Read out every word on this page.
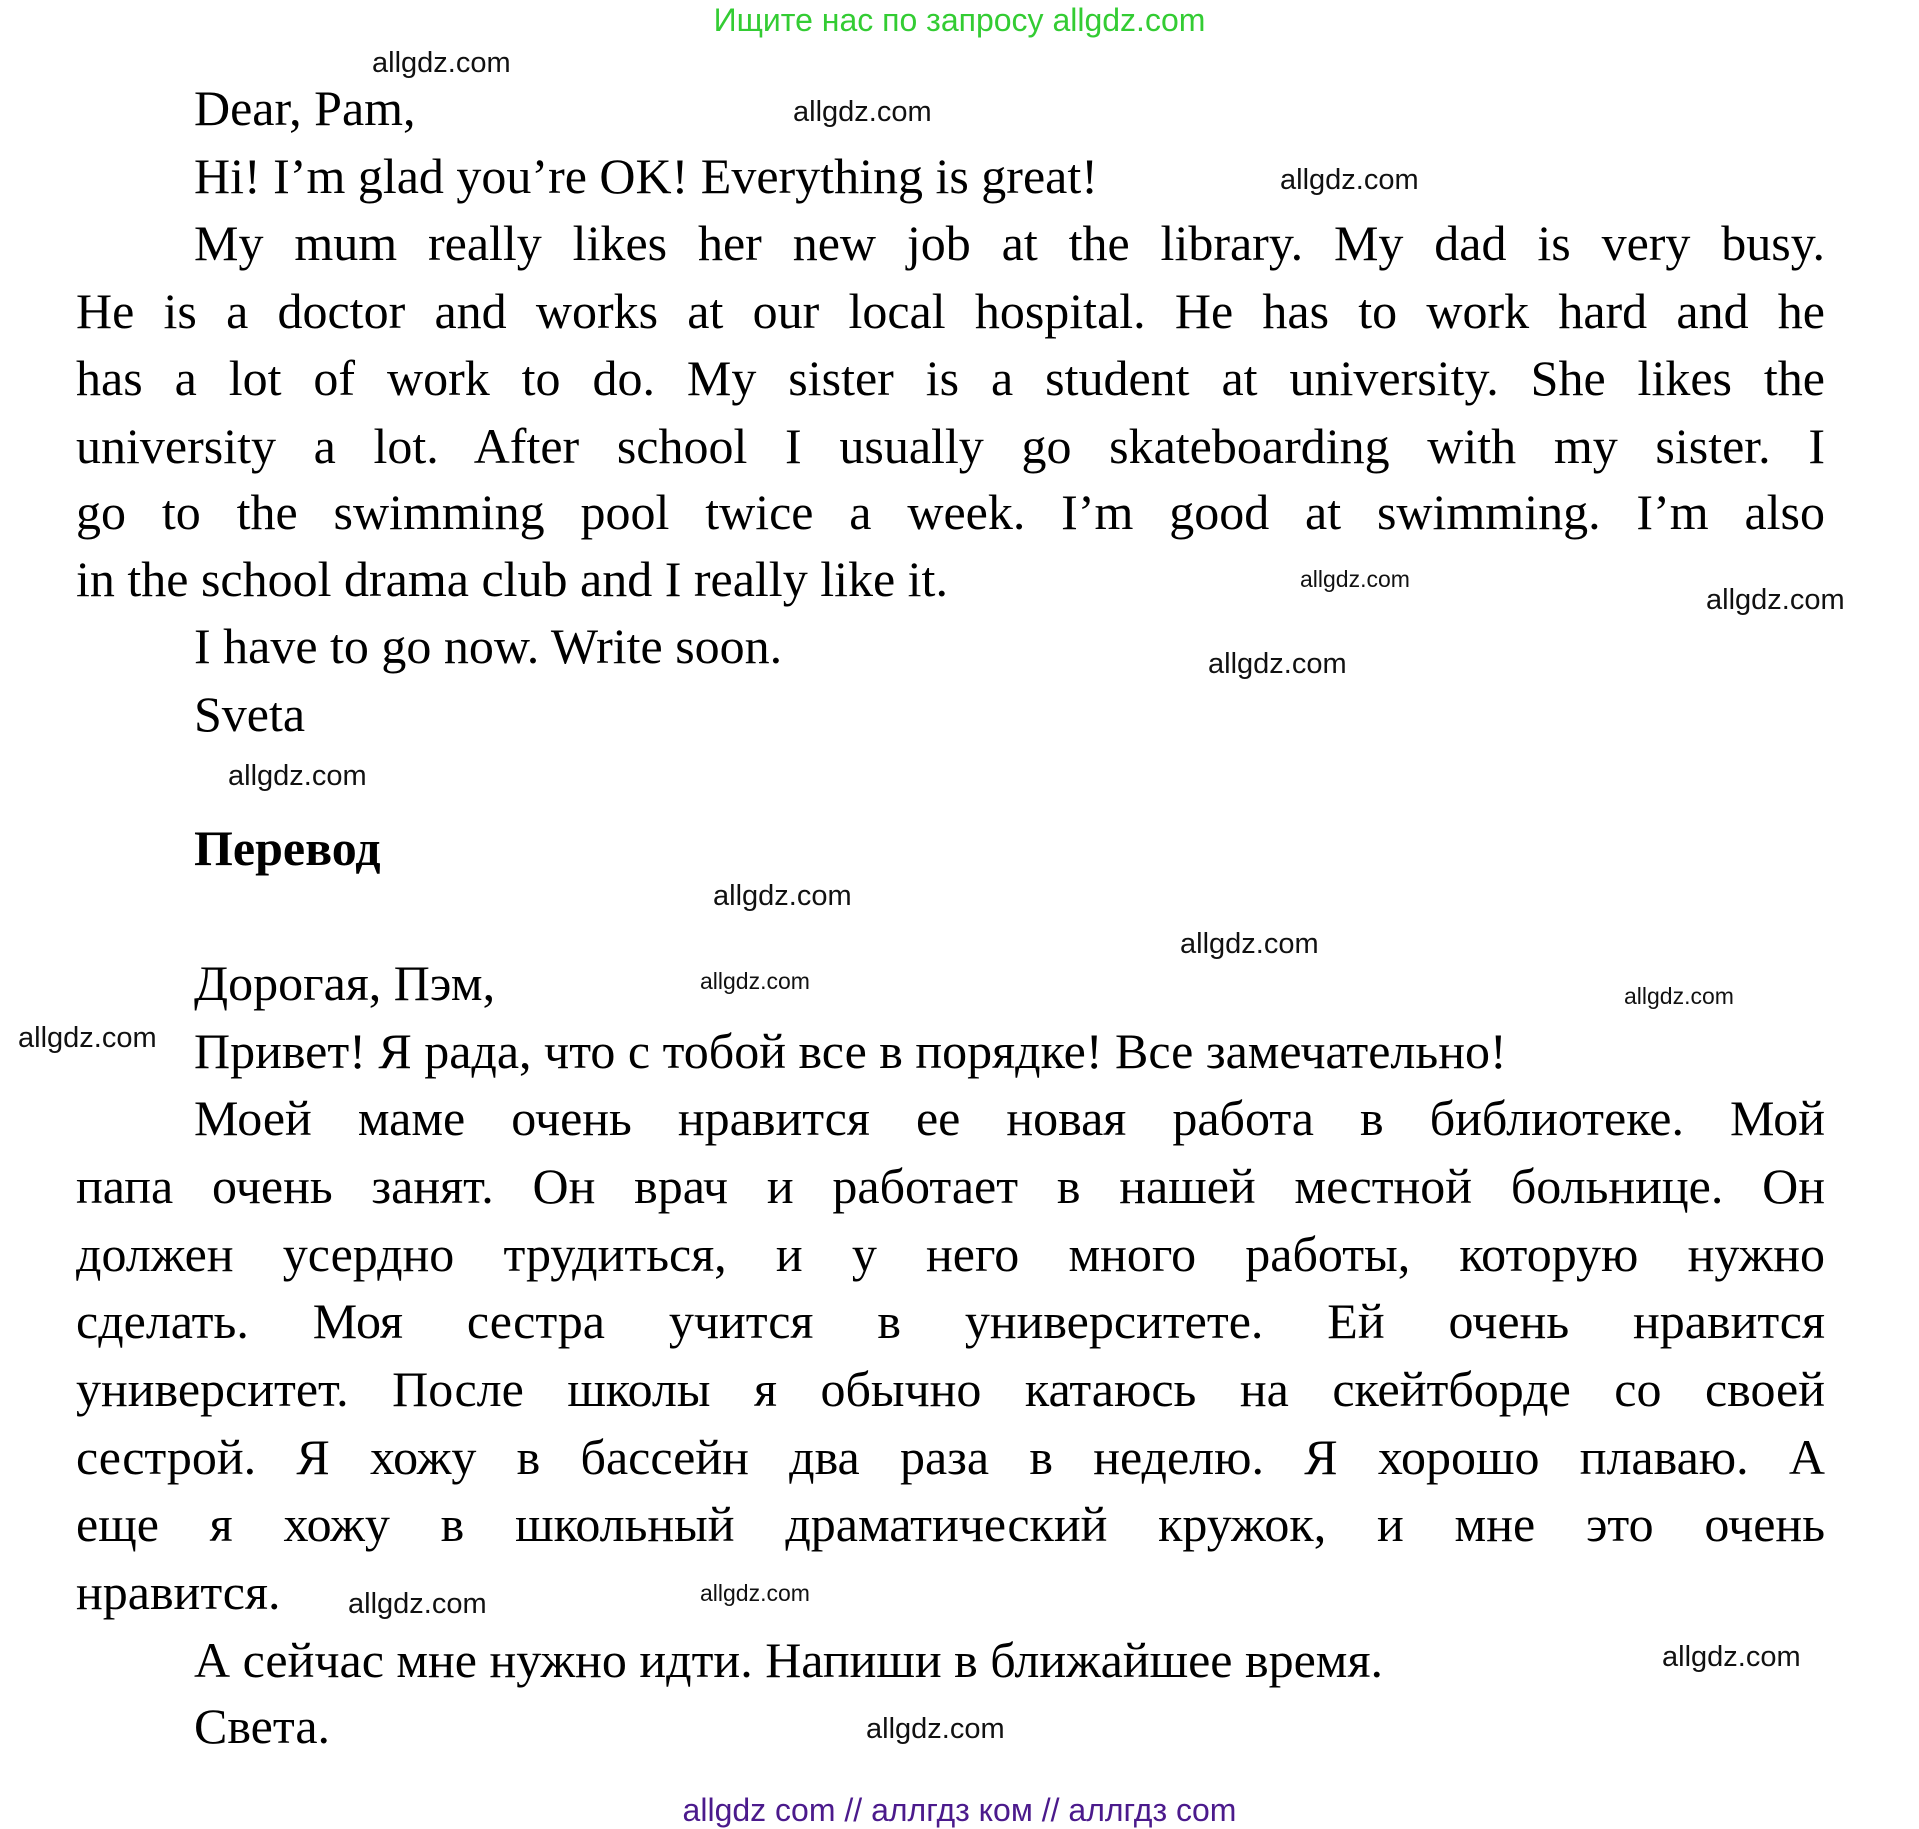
Ищите нас по запросу allgdz.com
Dear, Pam,
Hi! I’m glad you’re OK! Everything is great!
My mum really likes her new job at the library. My dad is very busy.
He is a doctor and works at our local hospital. He has to work hard and he
has a lot of work to do. My sister is a student at university. She likes the
university a lot. After school I usually go skateboarding with my sister. I
go to the swimming pool twice a week. I’m good at swimming. I’m also
in the school drama club and I really like it.
I have to go now. Write soon.
Sveta
Перевод
Дорогая, Пэм,
Привет! Я рада, что с тобой все в порядке! Все замечательно!
Моей маме очень нравится ее новая работа в библиотеке. Мой
папа очень занят. Он врач и работает в нашей местной больнице. Он
должен усердно трудиться, и у него много работы, которую нужно
сделать. Моя сестра учится в университете. Ей очень нравится
университет. После школы я обычно катаюсь на скейтборде со своей
сестрой. Я хожу в бассейн два раза в неделю. Я хорошо плаваю. А
еще я хожу в школьный драматический кружок, и мне это очень
нравится.
А сейчас мне нужно идти. Напиши в ближайшее время.
Света.
allgdz.com
allgdz.com
allgdz.com
allgdz.com
allgdz.com
allgdz.com
allgdz.com
allgdz.com
allgdz.com
allgdz.com
allgdz.com
allgdz.com
allgdz.com
allgdz.com
allgdz.com
allgdz.com
allgdz com // аллгдз ком // аллгдз com
